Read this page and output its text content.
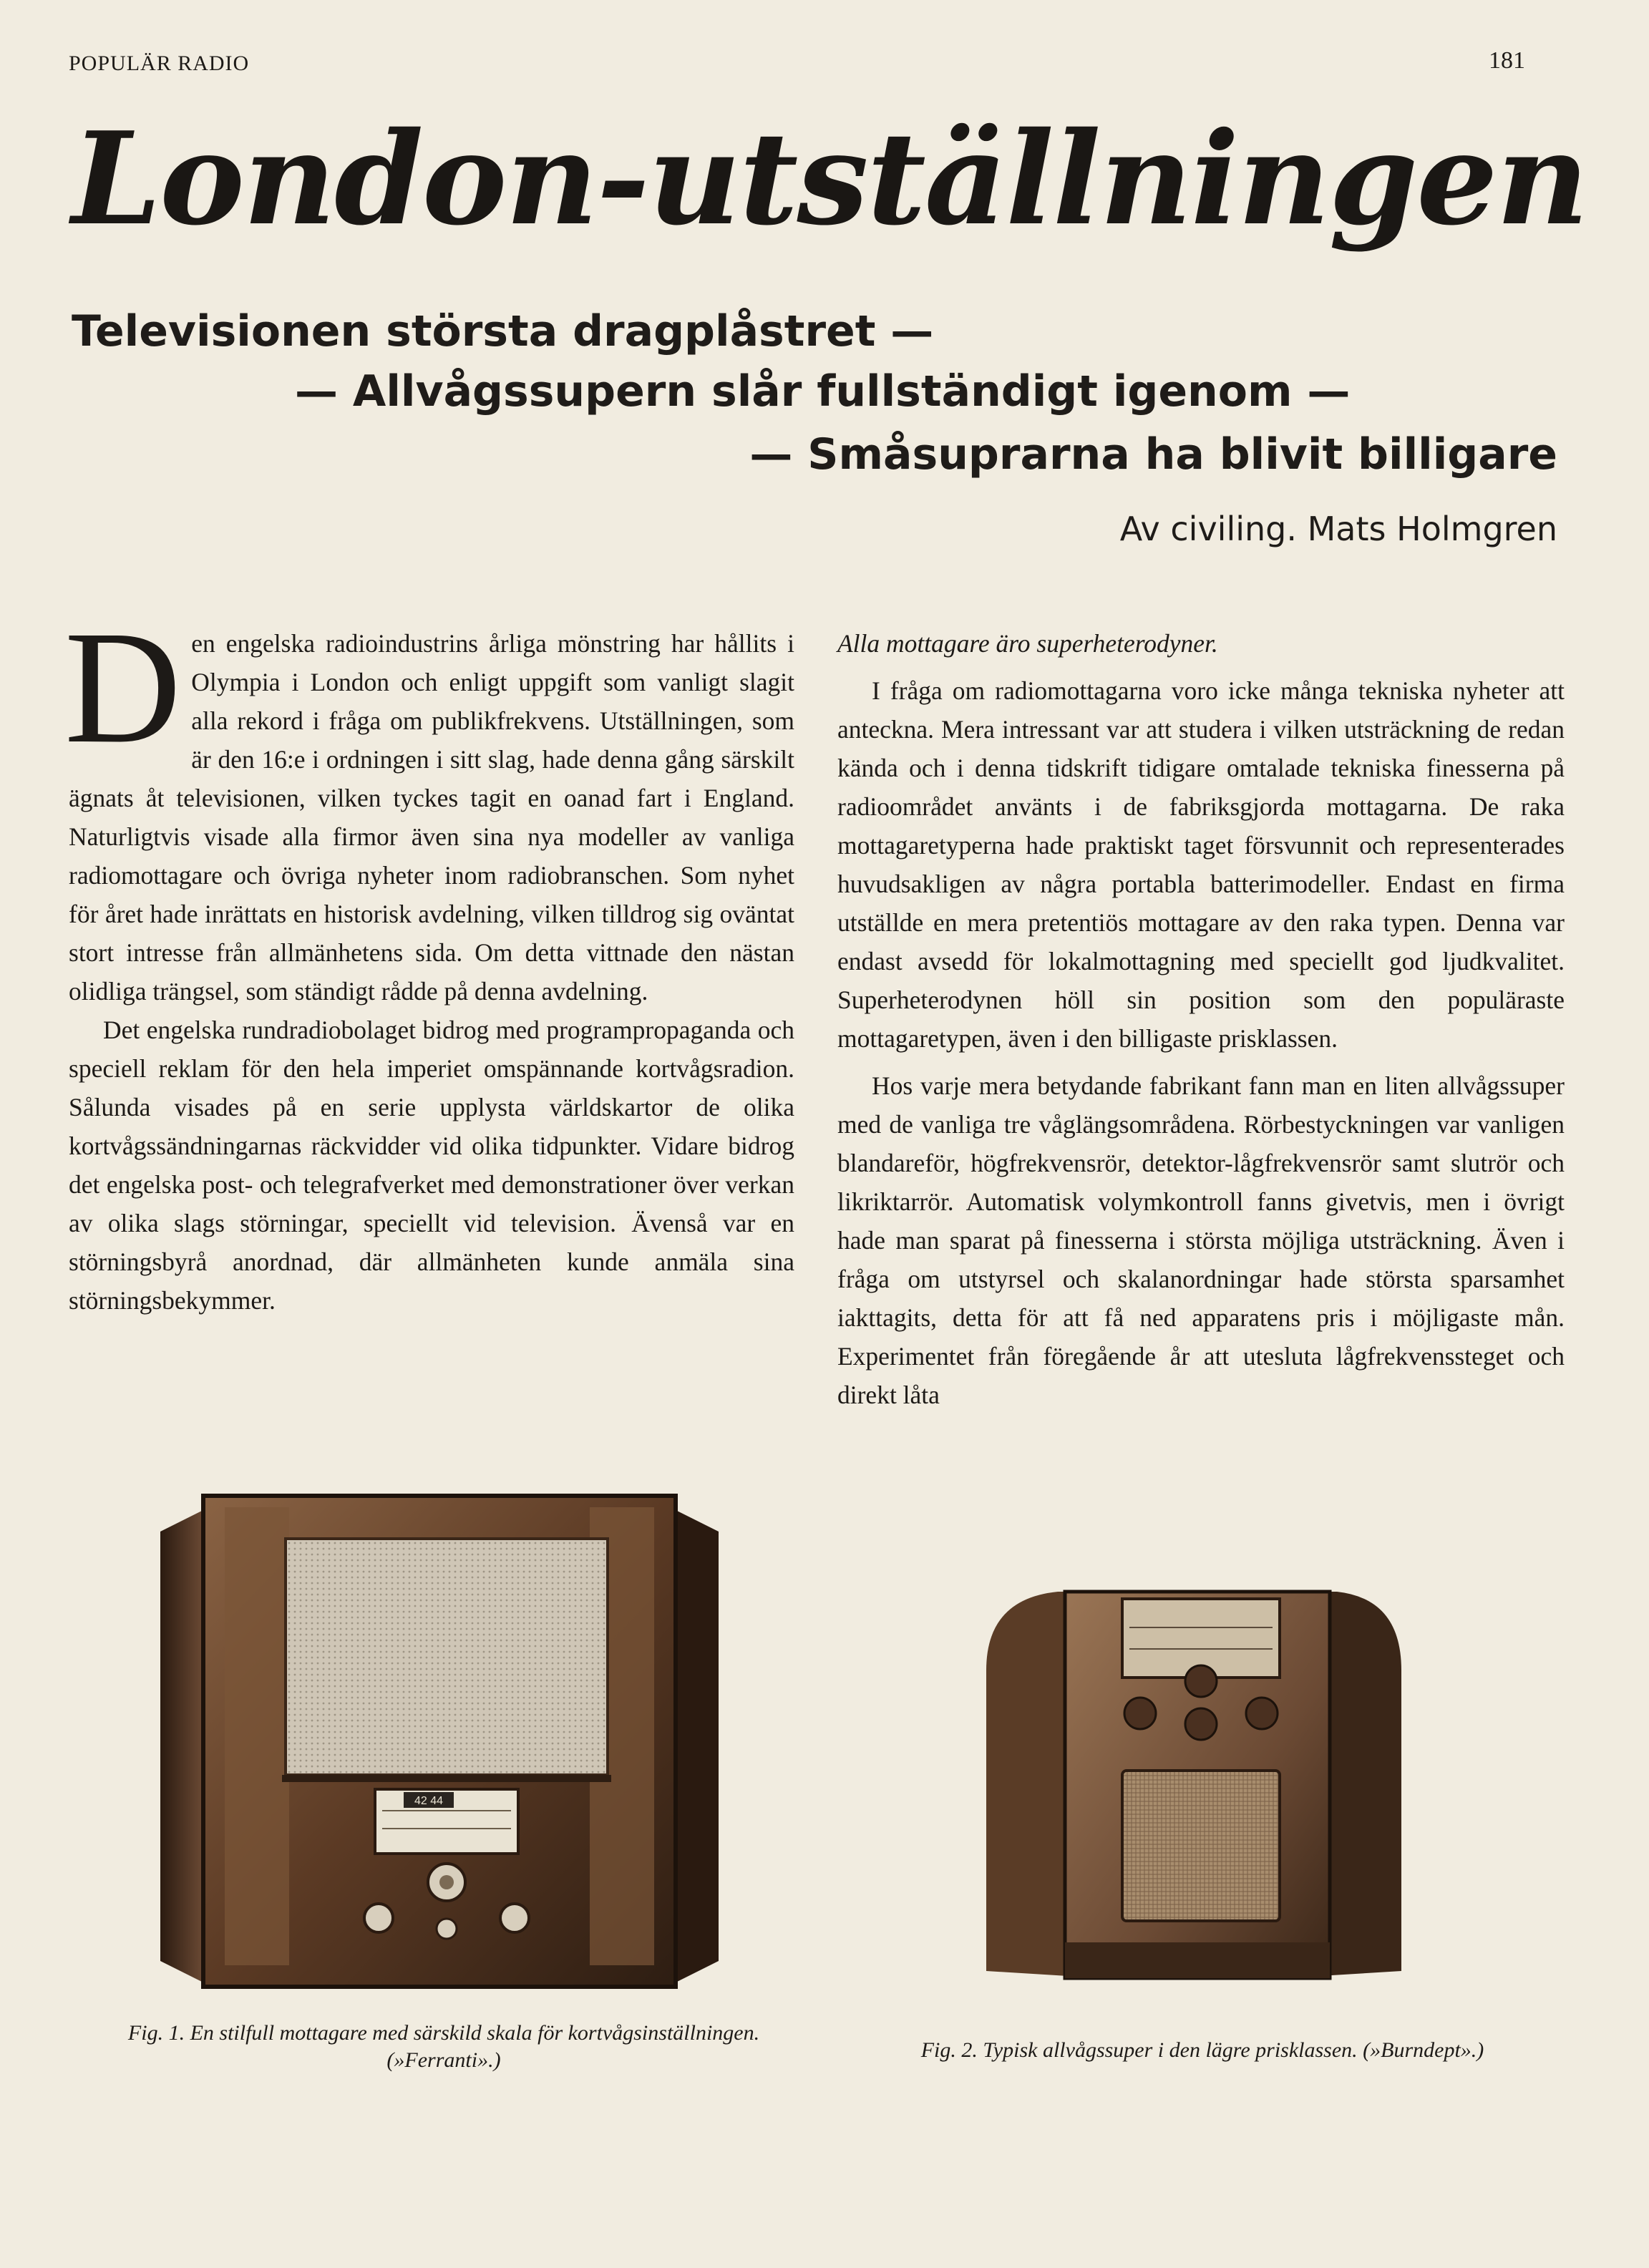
POPULÄR RADIO	181
London-utställningen
Televisionen största dragplåstret —
— Allvågssupern slår fullständigt igenom —
— Småsuprarna ha blivit billigare
Av civiling. Mats Holmgren

Den engelska radioindustrins årliga mönstring har hållits i Olympia i London och enligt uppgift som vanligt slagit alla rekord i fråga om publikfrekvens. Utställningen, som är den 16:e i ordningen i sitt slag, hade denna gång särskilt ägnats åt televisionen, vilken tyckes tagit en oanad fart i England. Naturligtvis visade alla firmor även sina nya modeller av vanliga radiomottagare och övriga nyheter inom radiobranschen. Som nyhet för året hade inrättats en historisk avdelning, vilken tilldrog sig oväntat stort intresse från allmänhetens sida. Om detta vittnade den nästan olidliga trängsel, som ständigt rådde på denna avdelning.

Det engelska rundradiobolaget bidrog med programpropaganda och speciell reklam för den hela imperiet omspännande kortvågsradion. Sålunda visades på en serie upplysta världskartor de olika kortvågssändningarnas räckvidder vid olika tidpunkter. Vidare bidrog det engelska post- och telegrafverket med demonstrationer över verkan av olika slags störningar, speciellt vid television. Ävenså var en störningsbyrå anordnad, där allmänheten kunde anmäla sina störningsbekymmer.

Alla mottagare äro superheterodyner.

I fråga om radiomottagarna voro icke många tekniska nyheter att anteckna. Mera intressant var att studera i vilken utsträckning de redan kända och i denna tidskrift tidigare omtalade tekniska finesserna på radioområdet använts i de fabriksgjorda mottagarna. De raka mottagaretyperna hade praktiskt taget försvunnit och representerades huvudsakligen av några portabla batterimodeller. Endast en firma utställde en mera pretentiös mottagare av den raka typen. Denna var endast avsedd för lokalmottagning med speciellt god ljudkvalitet. Superheterodynen höll sin position som den populäraste mottagaretypen, även i den billigaste prisklassen.

Hos varje mera betydande fabrikant fann man en liten allvågssuper med de vanliga tre våglängsområdena. Rörbestyckningen var vanligen blandareför, högfrekvensrör, detektor-lågfrekvensrör samt slutrör och likriktarrör. Automatisk volymkontroll fanns givetvis, men i övrigt hade man sparat på finesserna i största möjliga utsträckning. Även i fråga om utstyrsel och skalanordningar hade största sparsamhet iakttagits, detta för att få ned apparatens pris i möjligaste mån. Experimentet från föregående år att utesluta lågfrekvenssteget och direkt låta

42 44
Fig. 1. En stilfull mottagare med särskild skala för kortvågsinställningen. (»Ferranti».)	Fig. 2. Typisk allvågssuper i den lägre prisklassen. (»Burndept».)
